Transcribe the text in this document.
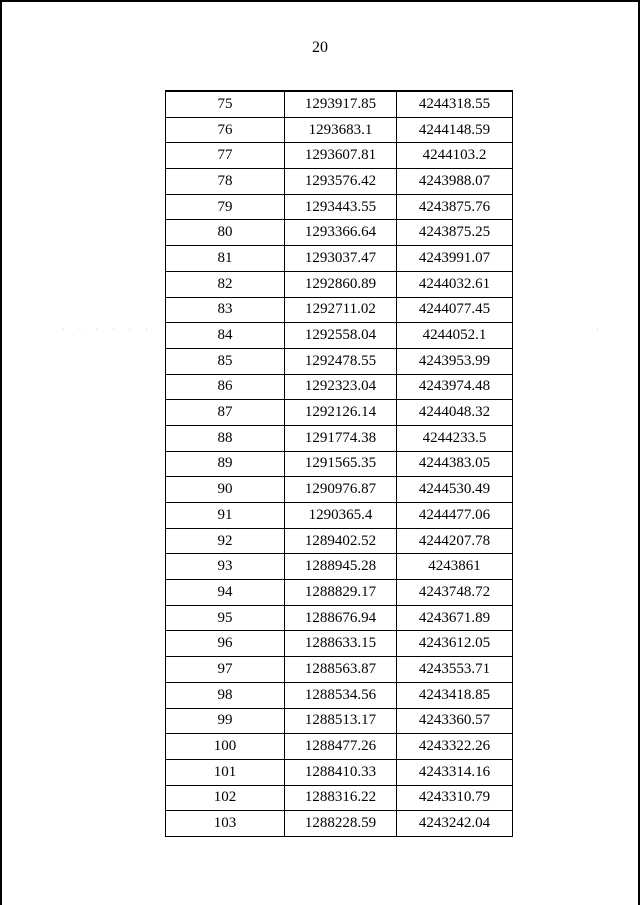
20
· · · · · ·	·
75	1293917.85	4244318.55
76	1293683.1	4244148.59
77	1293607.81	4244103.2
78	1293576.42	4243988.07
79	1293443.55	4243875.76
80	1293366.64	4243875.25
81	1293037.47	4243991.07
82	1292860.89	4244032.61
83	1292711.02	4244077.45
84	1292558.04	4244052.1
85	1292478.55	4243953.99
86	1292323.04	4243974.48
87	1292126.14	4244048.32
88	1291774.38	4244233.5
89	1291565.35	4244383.05
90	1290976.87	4244530.49
91	1290365.4	4244477.06
92	1289402.52	4244207.78
93	1288945.28	4243861
94	1288829.17	4243748.72
95	1288676.94	4243671.89
96	1288633.15	4243612.05
97	1288563.87	4243553.71
98	1288534.56	4243418.85
99	1288513.17	4243360.57
100	1288477.26	4243322.26
101	1288410.33	4243314.16
102	1288316.22	4243310.79
103	1288228.59	4243242.04
